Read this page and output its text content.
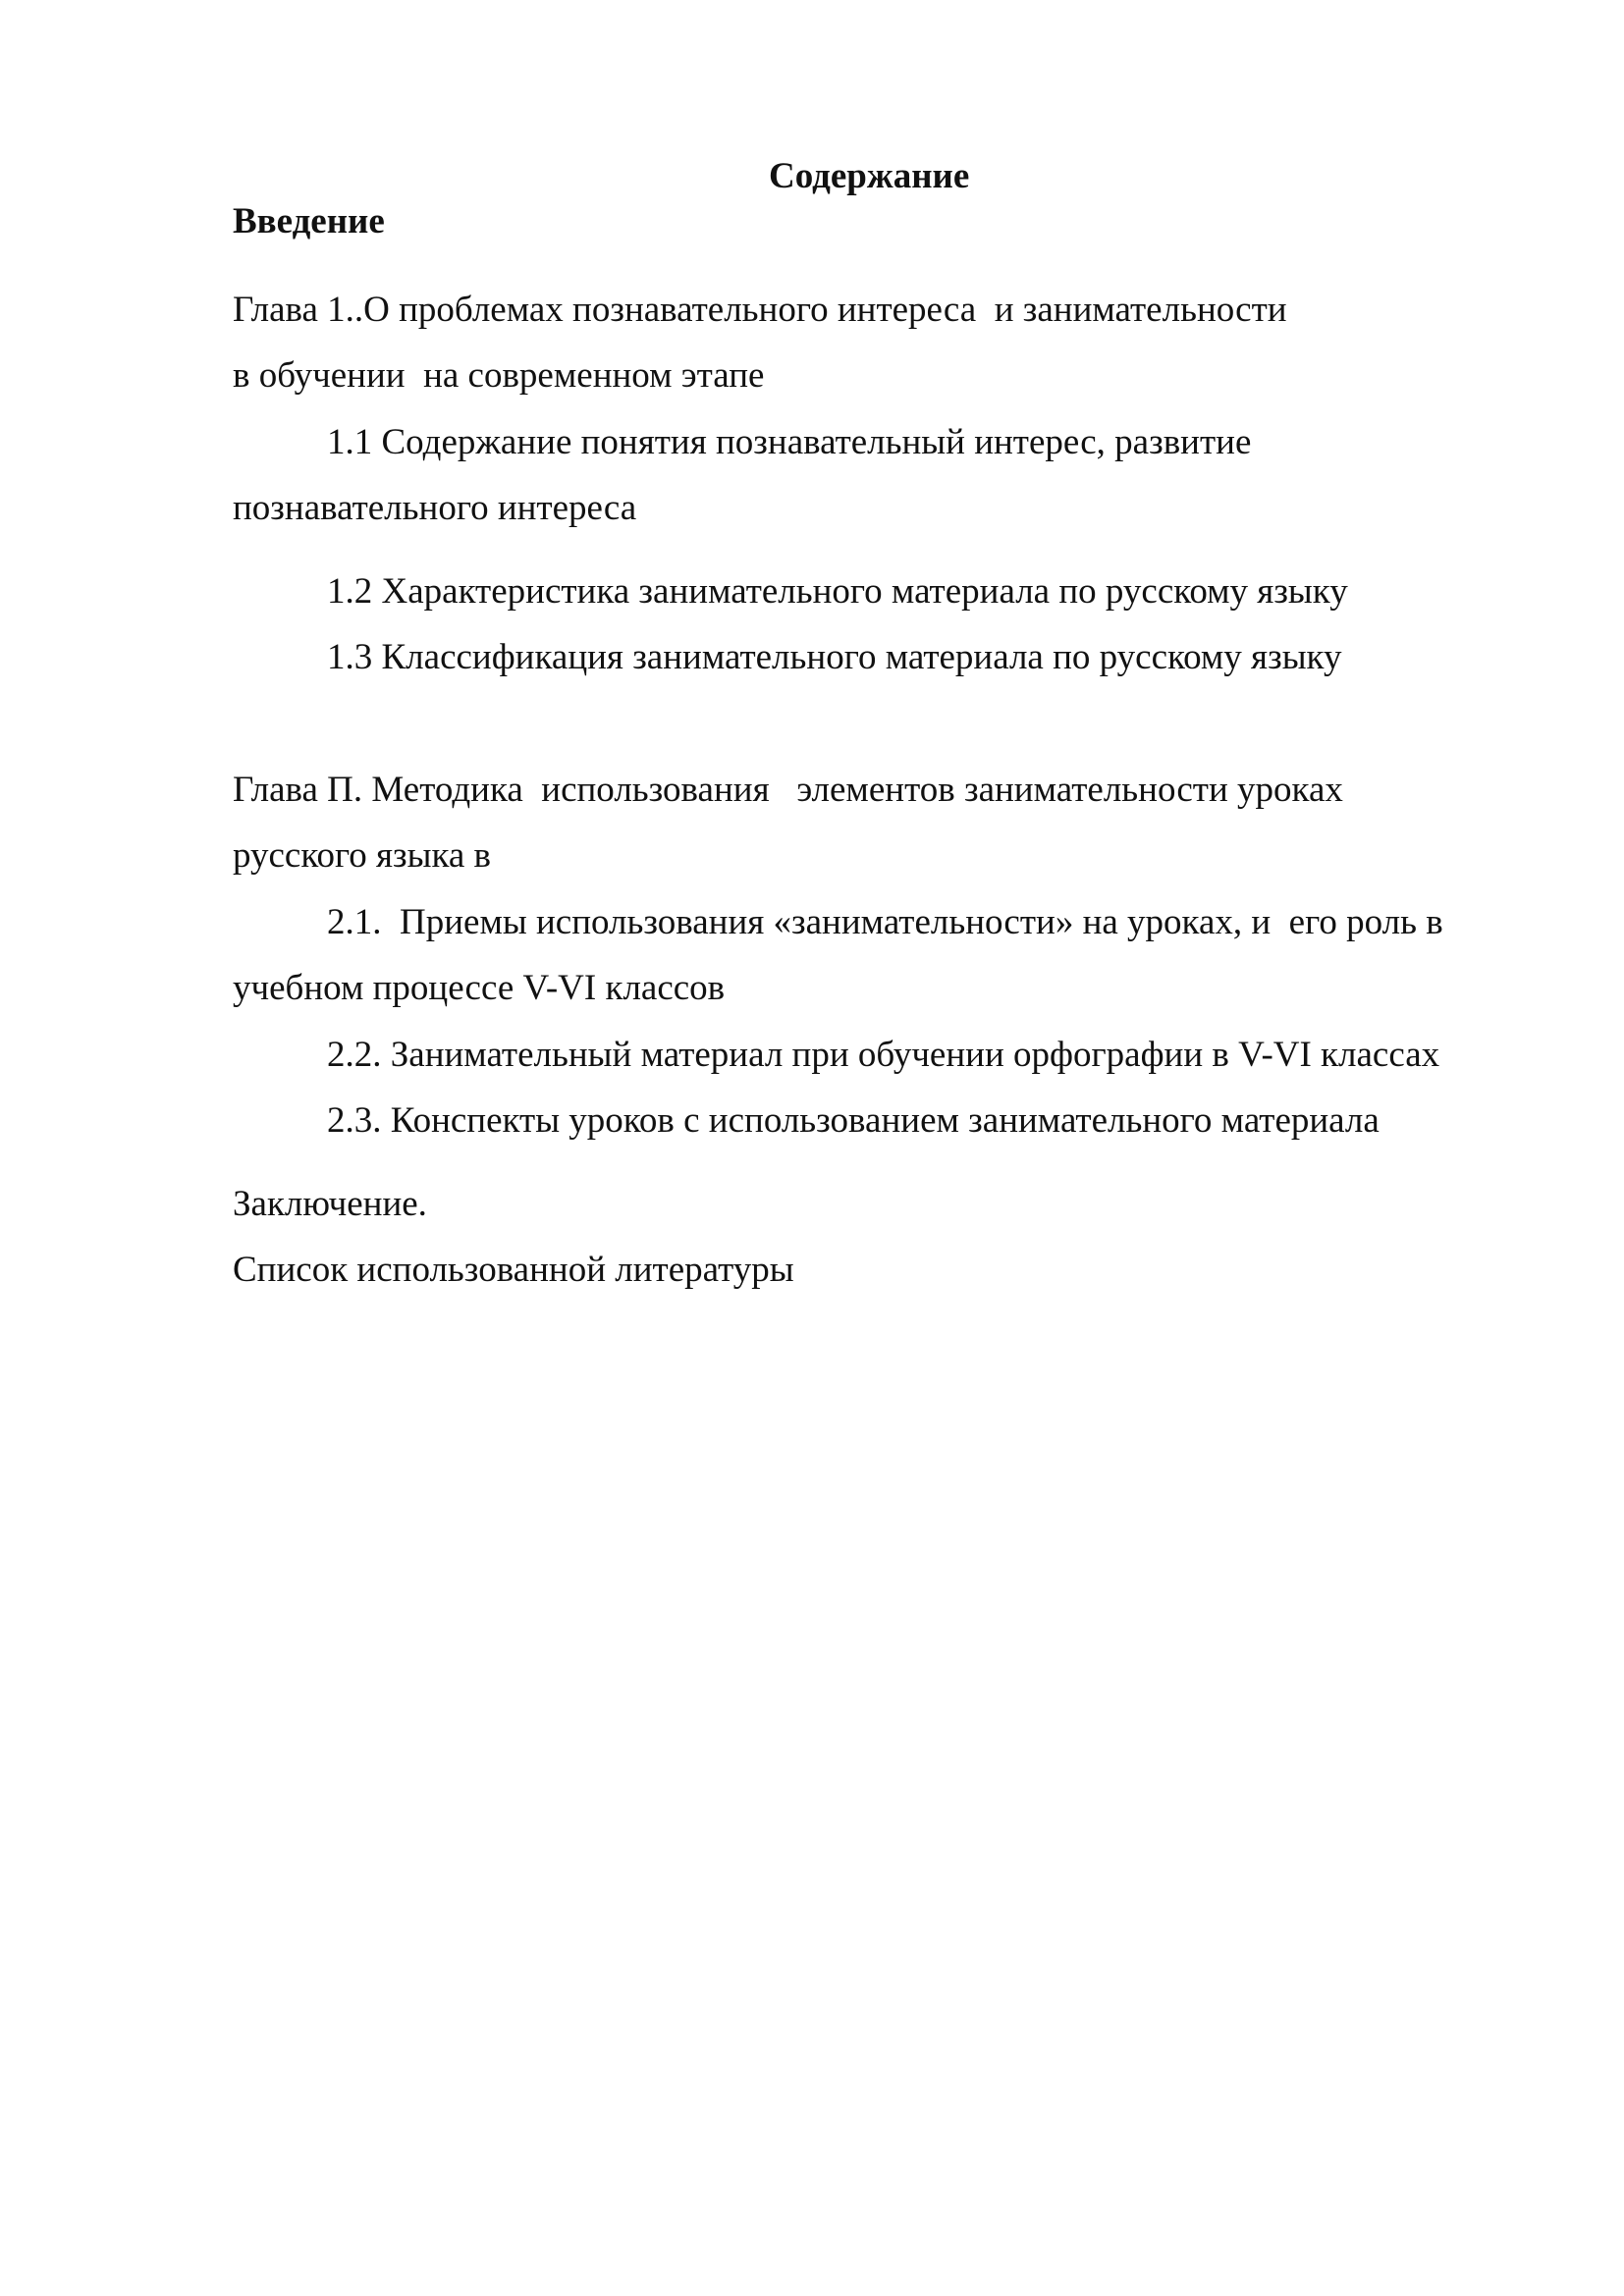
Содержание
Введение
Глава 1..О проблемах познавательного интереса  и занимательности
в обучении  на современном этапе
1.1 Содержание понятия познавательный интерес, развитие
познавательного интереса
1.2 Характеристика занимательного материала по русскому языку
1.3 Классификация занимательного материала по русскому языку
Глава П. Методика  использования   элементов занимательности уроках
русского языка в
2.1.  Приемы использования «занимательности» на уроках, и  его роль в
учебном процессе V-VI классов
2.2. Занимательный материал при обучении орфографии в V-VI классах
2.3. Конспекты уроков с использованием занимательного материала
Заключение.
Список использованной литературы
